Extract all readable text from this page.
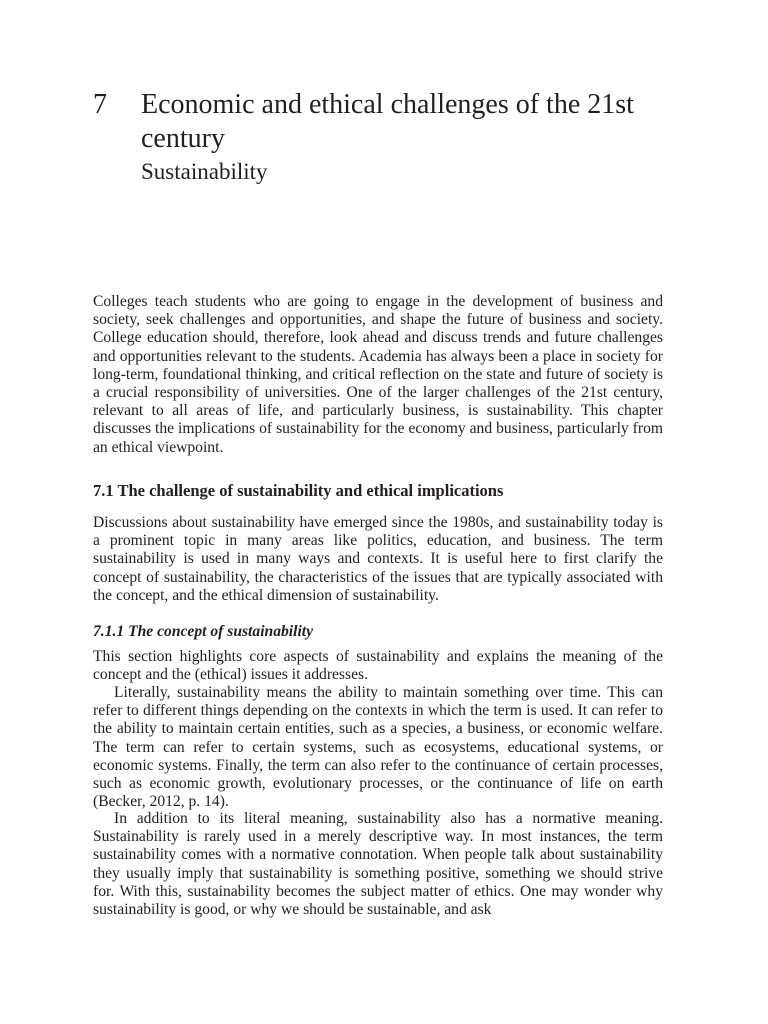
7 Economic and ethical challenges of the 21st century
Sustainability

Colleges teach students who are going to engage in the development of business and society, seek challenges and opportunities, and shape the future of business and society. College education should, therefore, look ahead and discuss trends and future challenges and opportunities relevant to the students. Academia has always been a place in society for long-term, foundational thinking, and critical reflection on the state and future of society is a crucial responsibility of universities. One of the larger challenges of the 21st century, relevant to all areas of life, and particularly business, is sustainability. This chapter discusses the implications of sustainability for the economy and business, particularly from an ethical viewpoint.

7.1 The challenge of sustainability and ethical implications

Discussions about sustainability have emerged since the 1980s, and sustainability today is a prominent topic in many areas like politics, education, and business. The term sustainability is used in many ways and contexts. It is useful here to first clarify the concept of sustainability, the characteristics of the issues that are typically associated with the concept, and the ethical dimension of sustainability.

7.1.1 The concept of sustainability

This section highlights core aspects of sustainability and explains the meaning of the concept and the (ethical) issues it addresses.

Literally, sustainability means the ability to maintain something over time. This can refer to different things depending on the contexts in which the term is used. It can refer to the ability to maintain certain entities, such as a species, a business, or economic welfare. The term can refer to certain systems, such as ecosystems, educational systems, or economic systems. Finally, the term can also refer to the continuance of certain processes, such as economic growth, evolutionary processes, or the continuance of life on earth (Becker, 2012, p. 14).

In addition to its literal meaning, sustainability also has a normative meaning. Sustainability is rarely used in a merely descriptive way. In most instances, the term sustainability comes with a normative connotation. When people talk about sustainability they usually imply that sustainability is something positive, something we should strive for. With this, sustainability becomes the subject matter of ethics. One may wonder why sustainability is good, or why we should be sustainable, and ask
